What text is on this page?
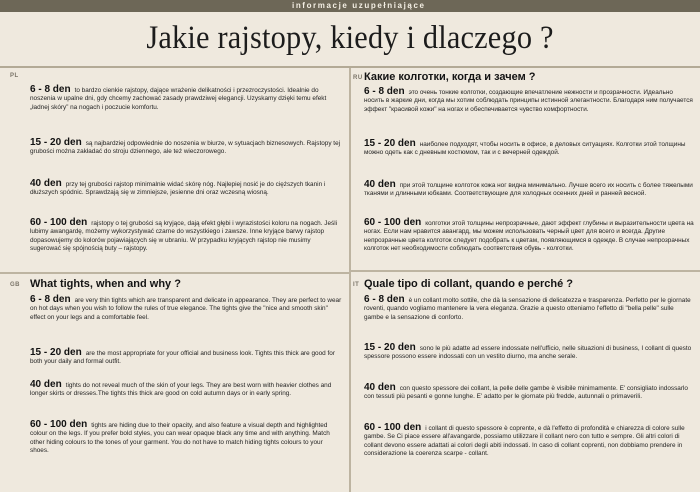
informacje uzupełniające
Jakie rajstopy, kiedy i dlaczego ?
PL
6 - 8 den to bardzo cienkie rajstopy, dające wrażenie delikatności i przezroczystości. Idealnie do noszenia w upalne dni, gdy chcemy zachować zasady prawdziwej elegancji. Uzyskamy dzięki temu efekt „ładnej skóry” na nogach i poczucie komfortu.
15 - 20 den są najbardziej odpowiednie do noszenia w biurze, w sytuacjach biznesowych. Rajstopy tej grubości można zakładać do stroju dziennego, ale też wieczorowego.
40 den przy tej grubości rajstop minimalnie widać skórę nóg. Najlepiej nosić je do cięższych tkanin i dłuższych spódnic. Sprawdzają się w zimniejsze, jesienne dni oraz wczesną wiosną.
60 - 100 den rajstopy o tej grubości są kryjące, dają efekt głębi i wyrazistości koloru na nogach. Jeśli lubimy awangardę, możemy wykorzystywać czarne do wszystkiego i zawsze. Inne kryjące barwy rajstop dopasowujemy do kolorów pojawiających się w ubraniu. W przypadku kryjących rajstop nie musimy sugerować się spójnością buty – rajstopy.
GB What tights, when and why ?
6 - 8 den are very thin tights which are transparent and delicate in appearance. They are perfect to wear on hot days when you wish to follow the rules of true elegance. The tights give the "nice and smooth skin" effect on your legs and a comfortable feel.
15 - 20 den are the most appropriate for your official and business look. Tights this thick are good for both your daily and formal outfit.
40 den tights do not reveal much of the skin of your legs. They are best worn with heavier clothes and longer skirts or dresses.The tights this thick are good on cold autumn days or in early spring.
60 - 100 den tights are hiding due to their opacity, and also feature a visual depth and highlighted colour on the legs. If you prefer bold styles, you can wear opaque black any time and with anything. Match other hiding colours to the tones of your garment. You do not have to match hiding tights colours to your shoes.
RU Какие колготки, когда и зачем ?
6 - 8 den это очень тонкие колготки, создающие впечатление нежности и прозрачности. Идеально носить в жаркие дни, когда мы хотим соблюдать принципы истинной элегантности. Благодаря ним получается эффект "красивой кожи" на ногах и обеспечивается чувство комфортности.
15 - 20 den наиболее подходят, чтобы носить в офисе, в деловых ситуациях. Колготки этой толщины можно одеть как с дневным костюмом, так и с вечерней одеждой.
40 den при этой толщине колготок кожа ног видна минимально. Лучше всего их носить с более тяжелыми тканями и длинными юбками. Соответствующие для холодных осенних дней и ранней весной.
60 - 100 den колготки этой толщины непрозрачные, дают эффект глубины и выразительности цвета на ногах. Если нам нравится авангард, мы можем использовать черный цвет для всего и всегда. Другие непрозрачные цвета колготок следует подобрать к цветам, появляющимся в одежде. В случае непрозрачных колготок нет необходимости соблюдать соответствия обувь - колготки.
IT Quale tipo di collant, quando e perché ?
6 - 8 den è un collant molto sottile, che dà la sensazione di delicatezza e trasparenza. Perfetto per le giornate roventi, quando vogliamo mantenere la vera eleganza. Grazie a questo otteniamo l'effetto di "bella pelle" sulle gambe e la sensazione di conforto.
15 - 20 den sono le più adatte ad essere indossate nell'ufficio, nelle situazioni di business, I collant di questo spessore possono essere indossati con un vestito diurno, ma anche serale.
40 den con questo spessore dei collant, la pelle delle gambe è visibile minimamente. E' consigliato indossarlo con tessuti più pesanti e gonne lunghe. E' adatto per le giornate più fredde, autunnali o primaverili.
60 - 100 den i collant di questo spessore è coprente, e dà l'effetto di profondità e chiarezza di colore sulle gambe. Se Ci piace essere all'avangarde, possiamo utilizzare il collant nero con tutto e sempre. Gli altri colori di collant devono essere adattati ai colori degli abiti indossati. In caso di collant coprenti, non dobbiamo prendere in considerazione la coerenza scarpe - collant.
